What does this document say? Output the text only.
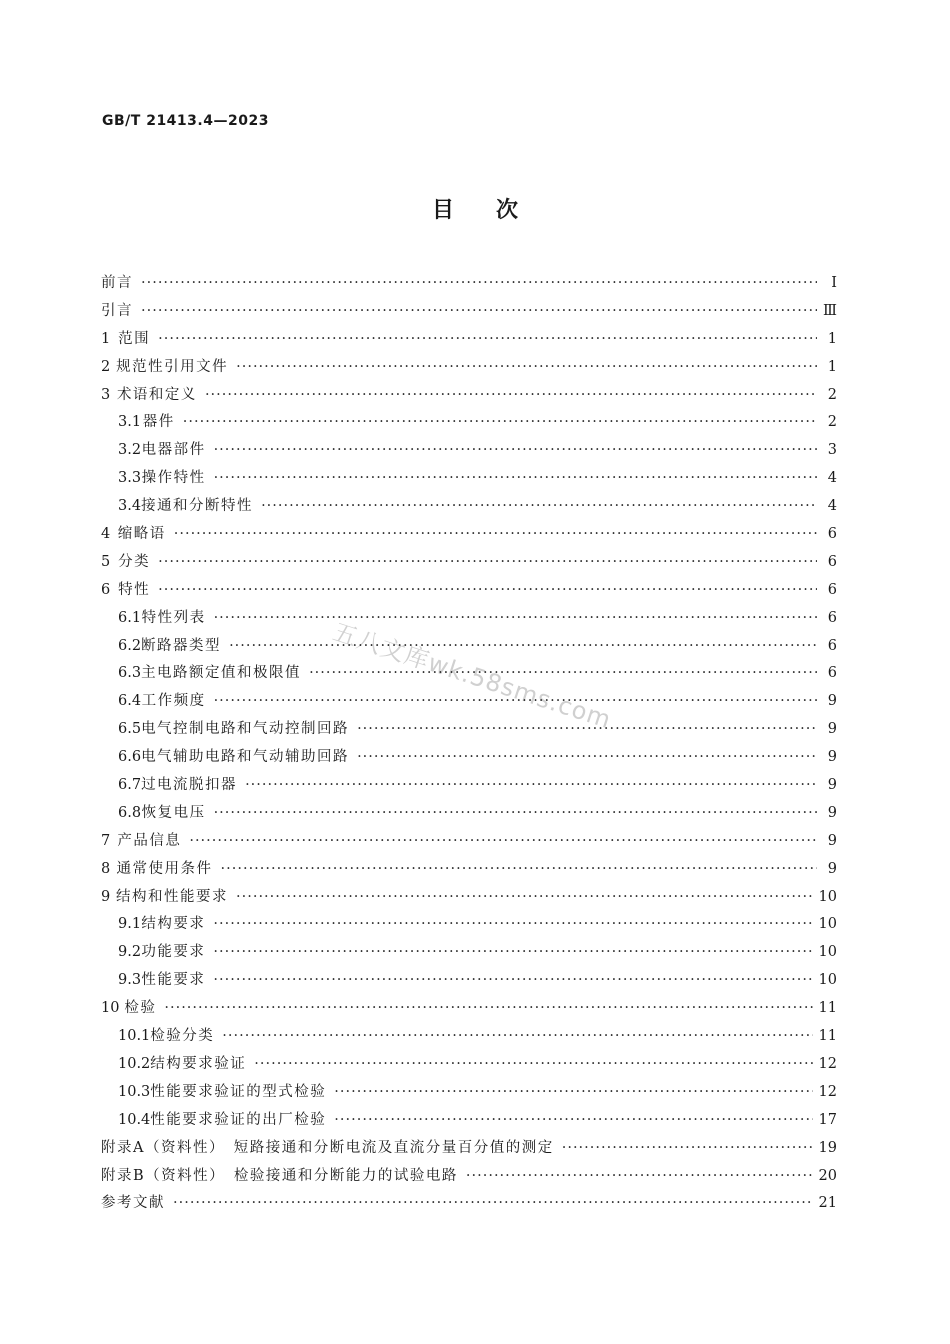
GB/T 21413.4—2023
目次
五八文库wk.58sms.com
前言 ·····	Ⅰ
引言 ·····	Ⅲ
1 范围 ·····	1
2 规范性引用文件 ·····	1
3 术语和定义 ·····	2
3.1 器件 ·····	2
3.2 电器部件 ·····	3
3.3 操作特性 ·····	4
3.4 接通和分断特性 ·····	4
4 缩略语 ·····	6
5 分类 ·····	6
6 特性 ·····	6
6.1 特性列表 ·····	6
6.2 断路器类型 ·····	6
6.3 主电路额定值和极限值 ·····	6
6.4 工作频度 ·····	9
6.5 电气控制电路和气动控制回路 ·····	9
6.6 电气辅助电路和气动辅助回路 ·····	9
6.7 过电流脱扣器 ·····	9
6.8 恢复电压 ·····	9
7 产品信息 ·····	9
8 通常使用条件 ·····	9
9 结构和性能要求 ·····	10
9.1 结构要求 ·····	10
9.2 功能要求 ·····	10
9.3 性能要求 ·····	10
10 检验 ·····	11
10.1 检验分类 ·····	11
10.2 结构要求验证 ·····	12
10.3 性能要求验证的型式检验 ·····	12
10.4 性能要求验证的出厂检验 ·····	17
附录A（资料性）　短路接通和分断电流及直流分量百分值的测定 ·····	19
附录B（资料性）　检验接通和分断能力的试验电路 ·····	20
参考文献 ·····	21
